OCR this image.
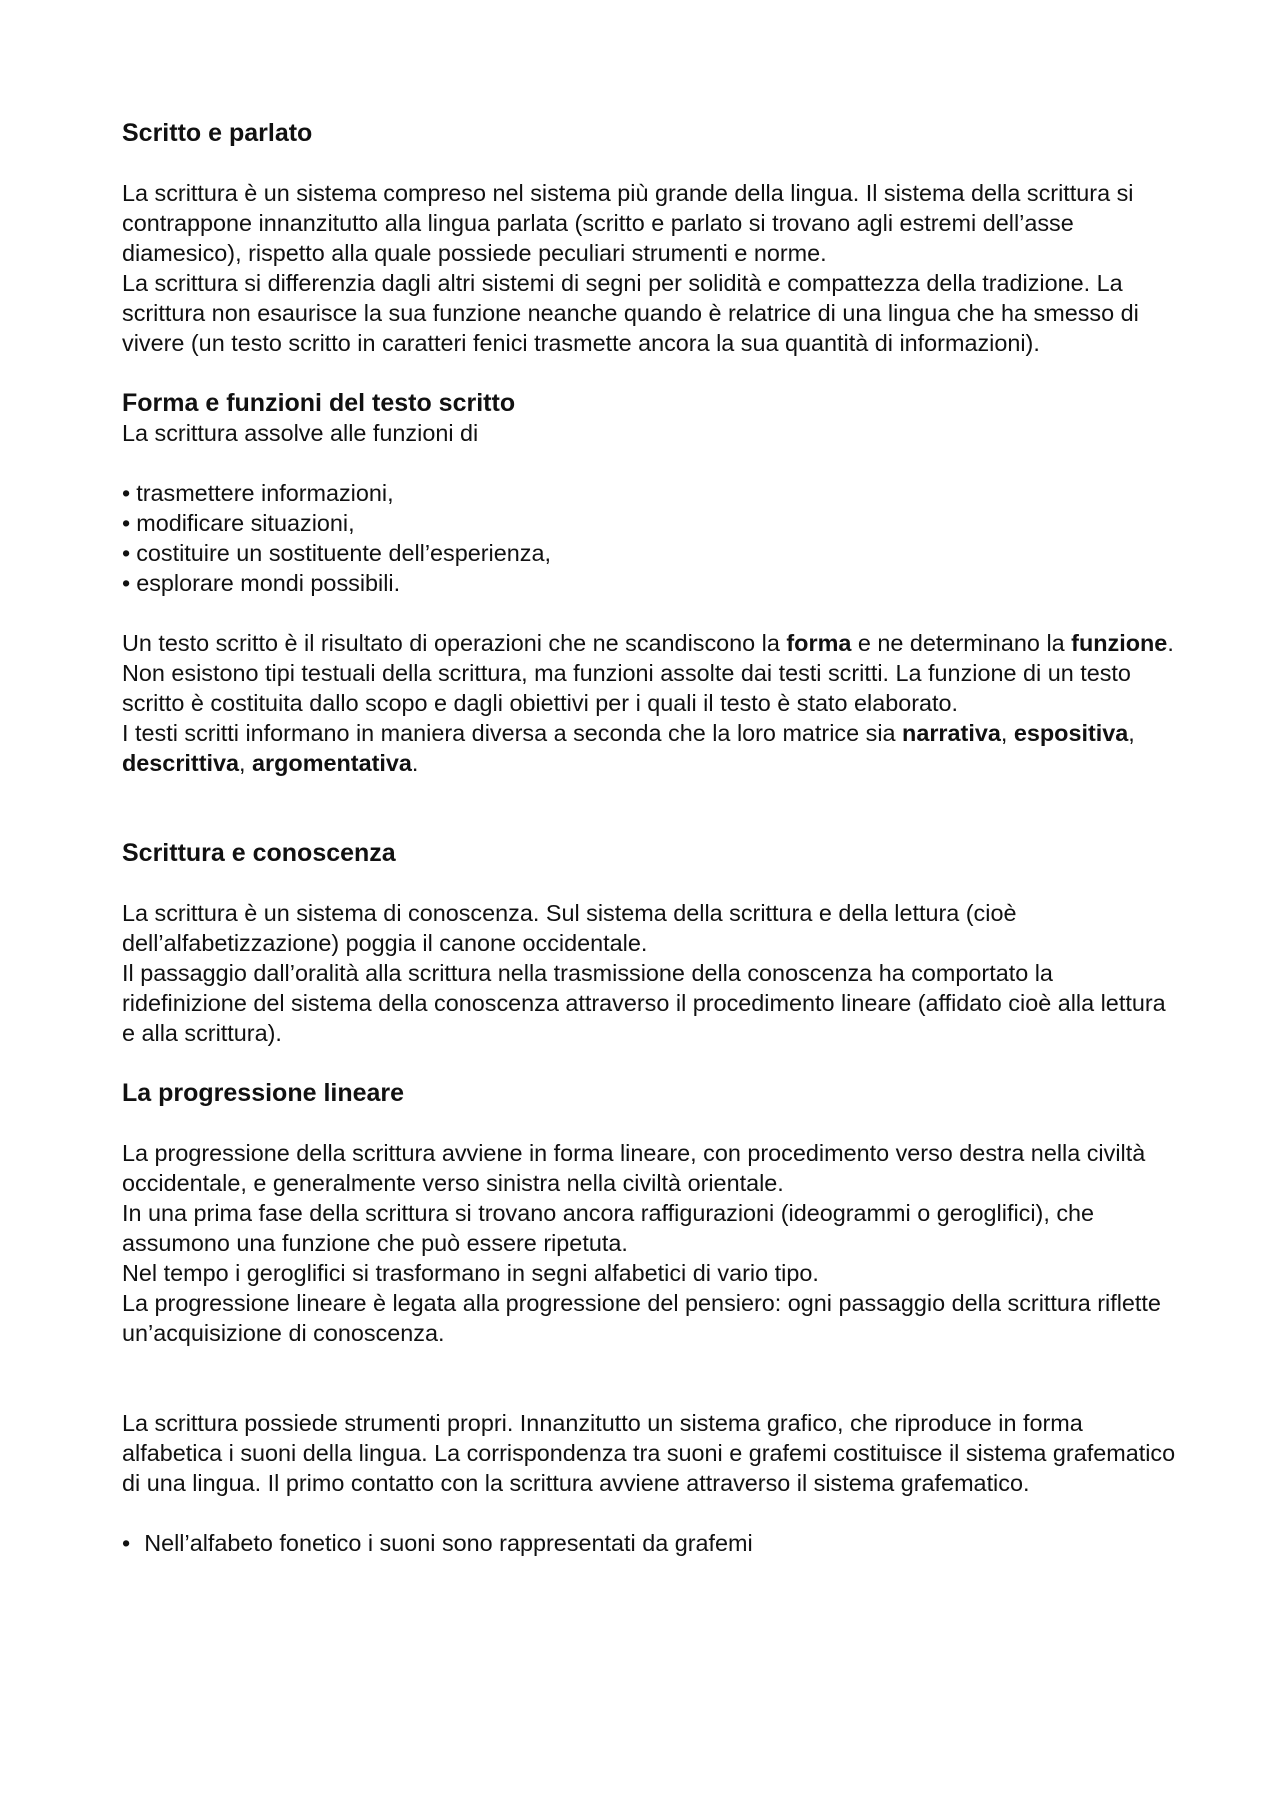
Scritto e parlato

La scrittura è un sistema compreso nel sistema più grande della lingua. Il sistema della scrittura si contrappone innanzitutto alla lingua parlata (scritto e parlato si trovano agli estremi dell’asse diamesico), rispetto alla quale possiede peculiari strumenti e norme.

La scrittura si differenzia dagli altri sistemi di segni per solidità e compattezza della tradizione. La scrittura non esaurisce la sua funzione neanche quando è relatrice di una lingua che ha smesso di vivere (un testo scritto in caratteri fenici trasmette ancora la sua quantità di informazioni).

Forma e funzioni del testo scritto

La scrittura assolve alle funzioni di

• trasmettere informazioni,
• modificare situazioni,
• costituire un sostituente dell’esperienza,
• esplorare mondi possibili.

Un testo scritto è il risultato di operazioni che ne scandiscono la forma e ne determinano la funzione. Non esistono tipi testuali della scrittura, ma funzioni assolte dai testi scritti. La funzione di un testo scritto è costituita dallo scopo e dagli obiettivi per i quali il testo è stato elaborato.

I testi scritti informano in maniera diversa a seconda che la loro matrice sia narrativa, espositiva, descrittiva, argomentativa.

Scrittura e conoscenza

La scrittura è un sistema di conoscenza. Sul sistema della scrittura e della lettura (cioè dell’alfabetizzazione) poggia il canone occidentale.

Il passaggio dall’oralità alla scrittura nella trasmissione della conoscenza ha comportato la ridefinizione del sistema della conoscenza attraverso il procedimento lineare (affidato cioè alla lettura e alla scrittura).

La progressione lineare

La progressione della scrittura avviene in forma lineare, con procedimento verso destra nella civiltà occidentale, e generalmente verso sinistra nella civiltà orientale.

In una prima fase della scrittura si trovano ancora raffigurazioni (ideogrammi o geroglifici), che assumono una funzione che può essere ripetuta.

Nel tempo i geroglifici si trasformano in segni alfabetici di vario tipo.

La progressione lineare è legata alla progressione del pensiero: ogni passaggio della scrittura riflette un’acquisizione di conoscenza.

La scrittura possiede strumenti propri. Innanzitutto un sistema grafico, che riproduce in forma alfabetica i suoni della lingua. La corrispondenza tra suoni e grafemi costituisce il sistema grafematico di una lingua. Il primo contatto con la scrittura avviene attraverso il sistema grafematico.

• Nell’alfabeto fonetico i suoni sono rappresentati da grafemi
